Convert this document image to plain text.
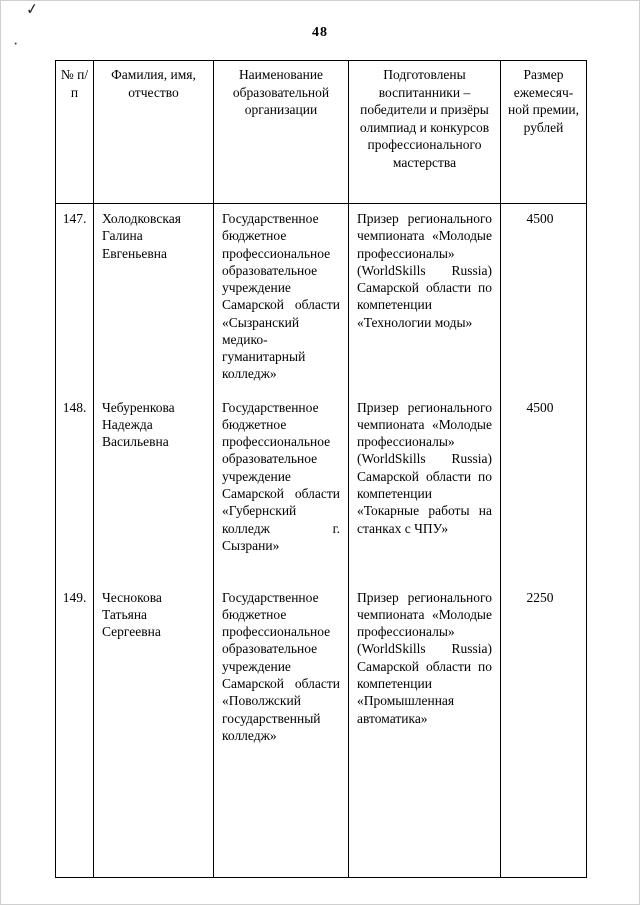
✓
·
48
№ п/п	Фамилия, имя, отчество	Наименование образовательной организации	Подготовлены воспитанники – победители и призёры олимпиад и конкурсов профессионального мастерства	Размер ежемесяч-ной премии, рублей
147.	Холодковская Галина Евгеньевна	Государственное бюджетное профессиональное образовательное учреждение Самарской области «Сызранский медико-гуманитарный колледж»	Призер регионального чемпионата «Молодые профессионалы» (WorldSkills Russia) Самарской области по компетенции «Технологии моды»	4500
148.	Чебуренкова Надежда Васильевна	Государственное бюджетное профессиональное образовательное учреждение Самарской области «Губернский колледж г. Сызрани»	Призер регионального чемпионата «Молодые профессионалы» (WorldSkills Russia) Самарской области по компетенции «Токарные работы на станках с ЧПУ»	4500
149.	Чеснокова Татьяна Сергеевна	Государственное бюджетное профессиональное образовательное учреждение Самарской области «Поволжский государственный колледж»	Призер регионального чемпионата «Молодые профессионалы» (WorldSkills Russia) Самарской области по компетенции «Промышленная автоматика»	2250
